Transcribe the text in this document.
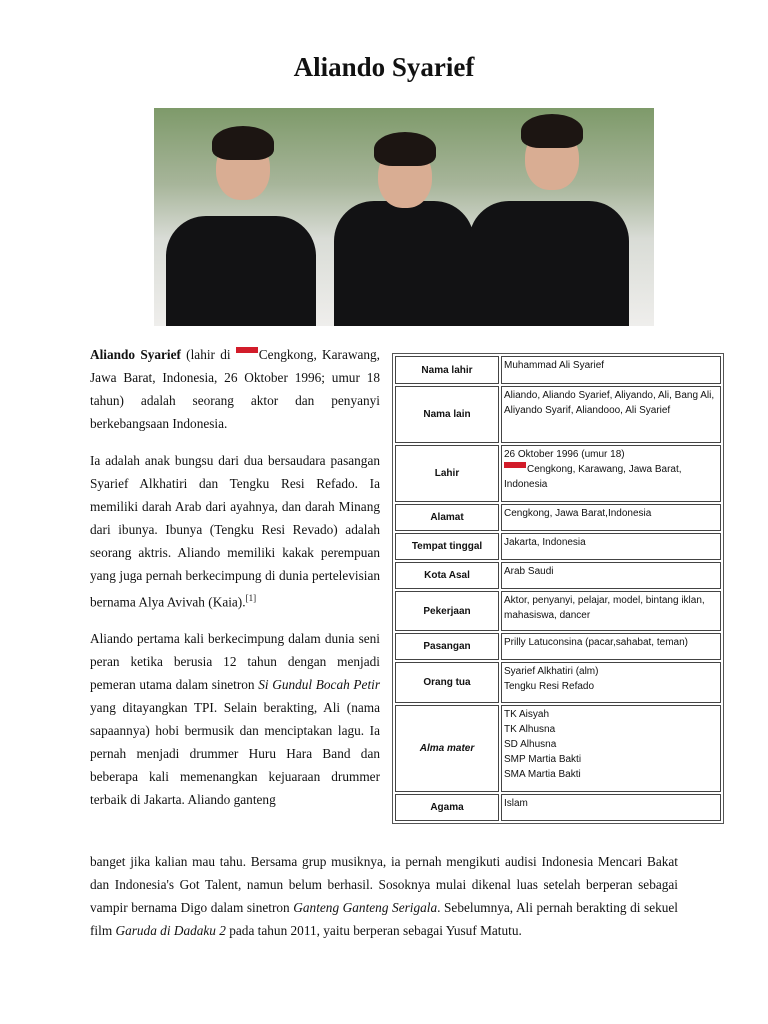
Aliando Syarief

Aliando Syarief (lahir di Cengkong, Karawang, Jawa Barat, Indonesia, 26 Oktober 1996; umur 18 tahun) adalah seorang aktor dan penyanyi berkebangsaan Indonesia.

Ia adalah anak bungsu dari dua bersaudara pasangan Syarief Alkhatiri dan Tengku Resi Refado. Ia memiliki darah Arab dari ayahnya, dan darah Minang dari ibunya. Ibunya (Tengku Resi Revado) adalah seorang aktris. Aliando memiliki kakak perempuan yang juga pernah berkecimpung di dunia pertelevisian bernama Alya Avivah (Kaia).[1]

Aliando pertama kali berkecimpung dalam dunia seni peran ketika berusia 12 tahun dengan menjadi pemeran utama dalam sinetron Si Gundul Bocah Petir yang ditayangkan TPI. Selain berakting, Ali (nama sapaannya) hobi bermusik dan menciptakan lagu. Ia pernah menjadi drummer Huru Hara Band dan beberapa kali memenangkan kejuaraan drummer terbaik di Jakarta. Aliando ganteng

banget jika kalian mau tahu. Bersama grup musiknya, ia pernah mengikuti audisi Indonesia Mencari Bakat dan Indonesia's Got Talent, namun belum berhasil. Sosoknya mulai dikenal luas setelah berperan sebagai vampir bernama Digo dalam sinetron Ganteng Ganteng Serigala. Sebelumnya, Ali pernah berakting di sekuel film Garuda di Dadaku 2 pada tahun 2011, yaitu berperan sebagai Yusuf Matutu.
Nama lahir	Muhammad Ali Syarief

Nama lain	Aliando, Aliando Syarief, Aliyando, Ali, Bang Ali, Aliyando Syarif, Aliandooo, Ali Syarief

Lahir	26 Oktober 1996 (umur 18)
Cengkong, Karawang, Jawa Barat, Indonesia

Alamat	Cengkong, Jawa Barat,Indonesia

Tempat tinggal	Jakarta, Indonesia

Kota Asal	Arab Saudi

Pekerjaan	Aktor, penyanyi, pelajar, model, bintang iklan, mahasiswa, dancer

Pasangan	Prilly Latuconsina (pacar,sahabat, teman)

Orang tua	Syarief Alkhatiri (alm)
Tengku Resi Refado

Alma mater	TK Aisyah
TK Alhusna
SD Alhusna
SMP Martia Bakti
SMA Martia Bakti

Agama	Islam
